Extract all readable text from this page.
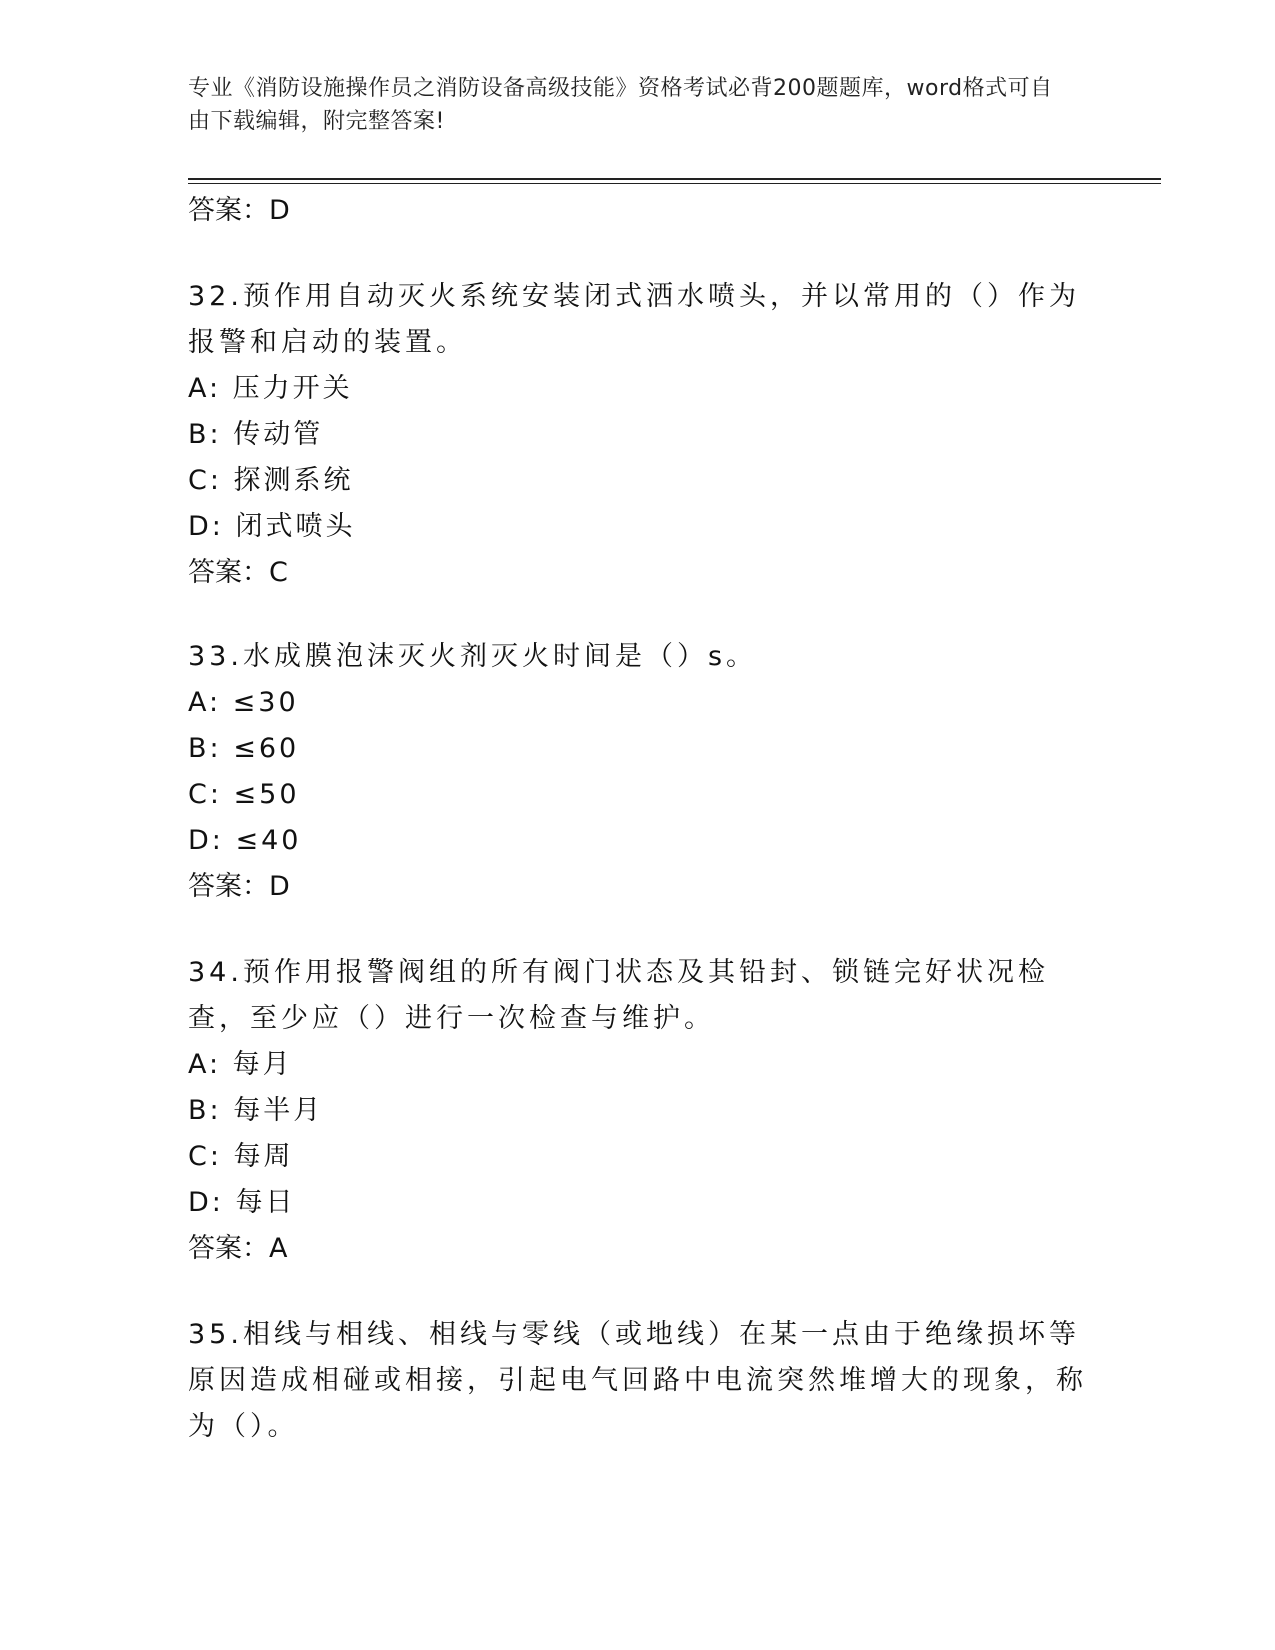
专业《消防设施操作员之消防设备高级技能》资格考试必背200题题库，word格式可自由下载编辑，附完整答案!
答案：D
32.预作用自动灭火系统安装闭式洒水喷头，并以常用的（）作为报警和启动的装置。
A: 压力开关
B: 传动管
C: 探测系统
D: 闭式喷头
答案：C
33.水成膜泡沫灭火剂灭火时间是（）s。
A: ≤30
B: ≤60
C: ≤50
D: ≤40
答案：D
34.预作用报警阀组的所有阀门状态及其铅封、锁链完好状况检查，至少应（）进行一次检查与维护。
A: 每月
B: 每半月
C: 每周
D: 每日
答案：A
35.相线与相线、相线与零线（或地线）在某一点由于绝缘损坏等原因造成相碰或相接，引起电气回路中电流突然堆增大的现象，称为（）。
